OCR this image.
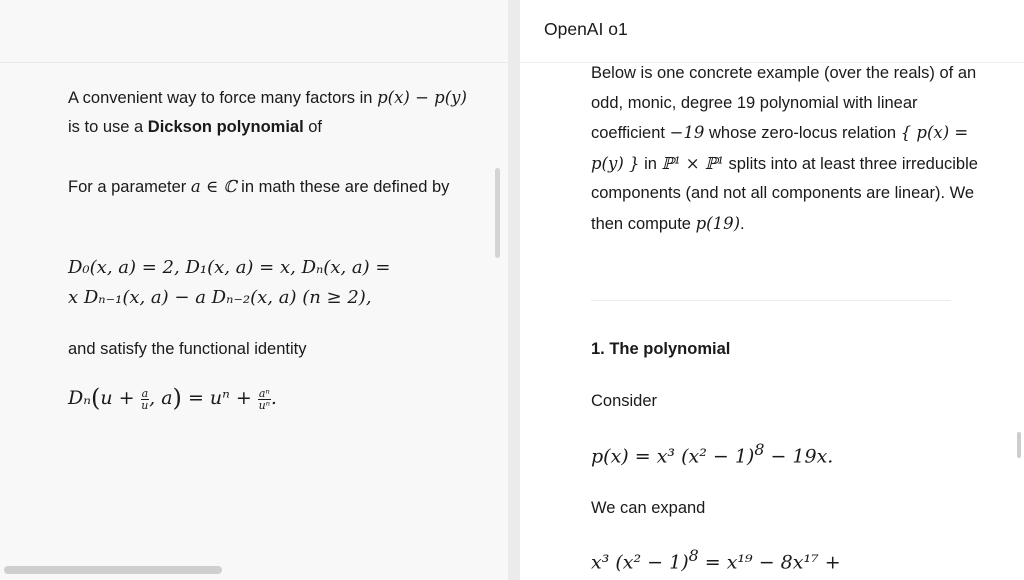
A convenient way to force many factors in p(x) − p(y) is to use a Dickson polynomial of

For a parameter a ∈ ℂ in math these are defined by

D₀(x, a) = 2, D₁(x, a) = x, Dₙ(x, a) =
x Dₙ₋₁(x, a) − a Dₙ₋₂(x, a) (n ≥ 2),

and satisfy the functional identity

$D_n(u + \frac{a}{u}$ , $a) = u^n + \frac{\text{aⁿ}}{\text{uⁿ}}$ .
OpenAI o1

Below is one concrete example (over the reals) of an odd, monic, degree 19 polynomial with linear coefficient −19 whose zero-locus relation { p(x) = p(y) } in ℙ¹ × ℙ¹ splits into at least three irreducible components (and not all components are linear). We then compute p(19).

1. The polynomial

Consider

p(x) = x³ $(x^2 - 1)^8 - 19x$.

We can expand

x³ $(x^2 - 1)^8 = x^{19} - 8x^{17}$ +
